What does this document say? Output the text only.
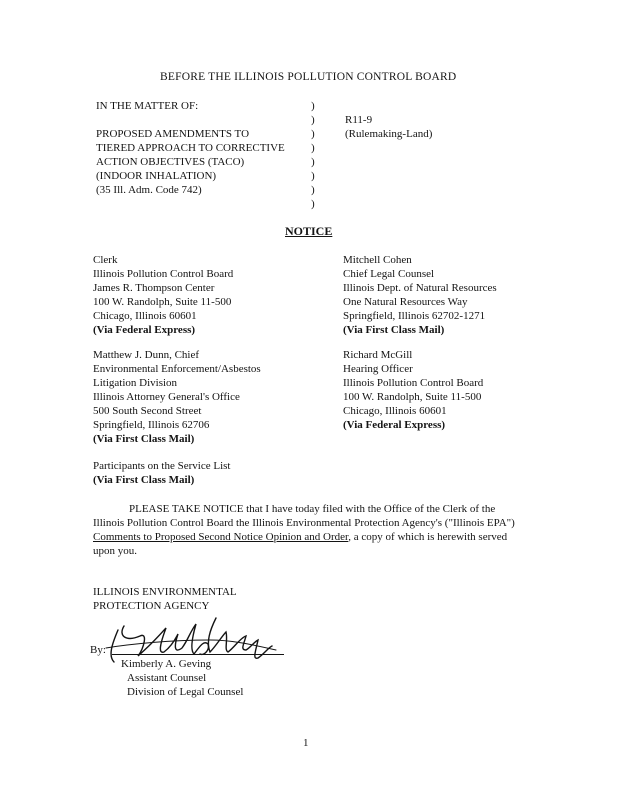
BEFORE THE ILLINOIS POLLUTION CONTROL BOARD
IN THE MATTER OF:
PROPOSED AMENDMENTS TO
TIERED APPROACH TO CORRECTIVE
ACTION OBJECTIVES (TACO)
(INDOOR INHALATION)
(35 Ill. Adm. Code 742)
)
)
)
)
)
)
)
)
R11-9
(Rulemaking-Land)
NOTICE
Clerk
Illinois Pollution Control Board
James R. Thompson Center
100 W. Randolph, Suite 11-500
Chicago, Illinois 60601
(Via Federal Express)
Mitchell Cohen
Chief Legal Counsel
Illinois Dept. of Natural Resources
One Natural Resources Way
Springfield, Illinois 62702-1271
(Via First Class Mail)
Matthew J. Dunn, Chief
Environmental Enforcement/Asbestos
Litigation Division
Illinois Attorney General's Office
500 South Second Street
Springfield, Illinois 62706
(Via First Class Mail)
Richard McGill
Hearing Officer
Illinois Pollution Control Board
100 W. Randolph, Suite 11-500
Chicago, Illinois 60601
(Via Federal Express)
Participants on the Service List
(Via First Class Mail)
PLEASE TAKE NOTICE that I have today filed with the Office of the Clerk of the
Illinois Pollution Control Board the Illinois Environmental Protection Agency's ("Illinois EPA")
Comments to Proposed Second Notice Opinion and Order, a copy of which is herewith served
upon you.
ILLINOIS ENVIRONMENTAL
PROTECTION AGENCY
By:
Kimberly A. Geving
Assistant Counsel
Division of Legal Counsel
1
